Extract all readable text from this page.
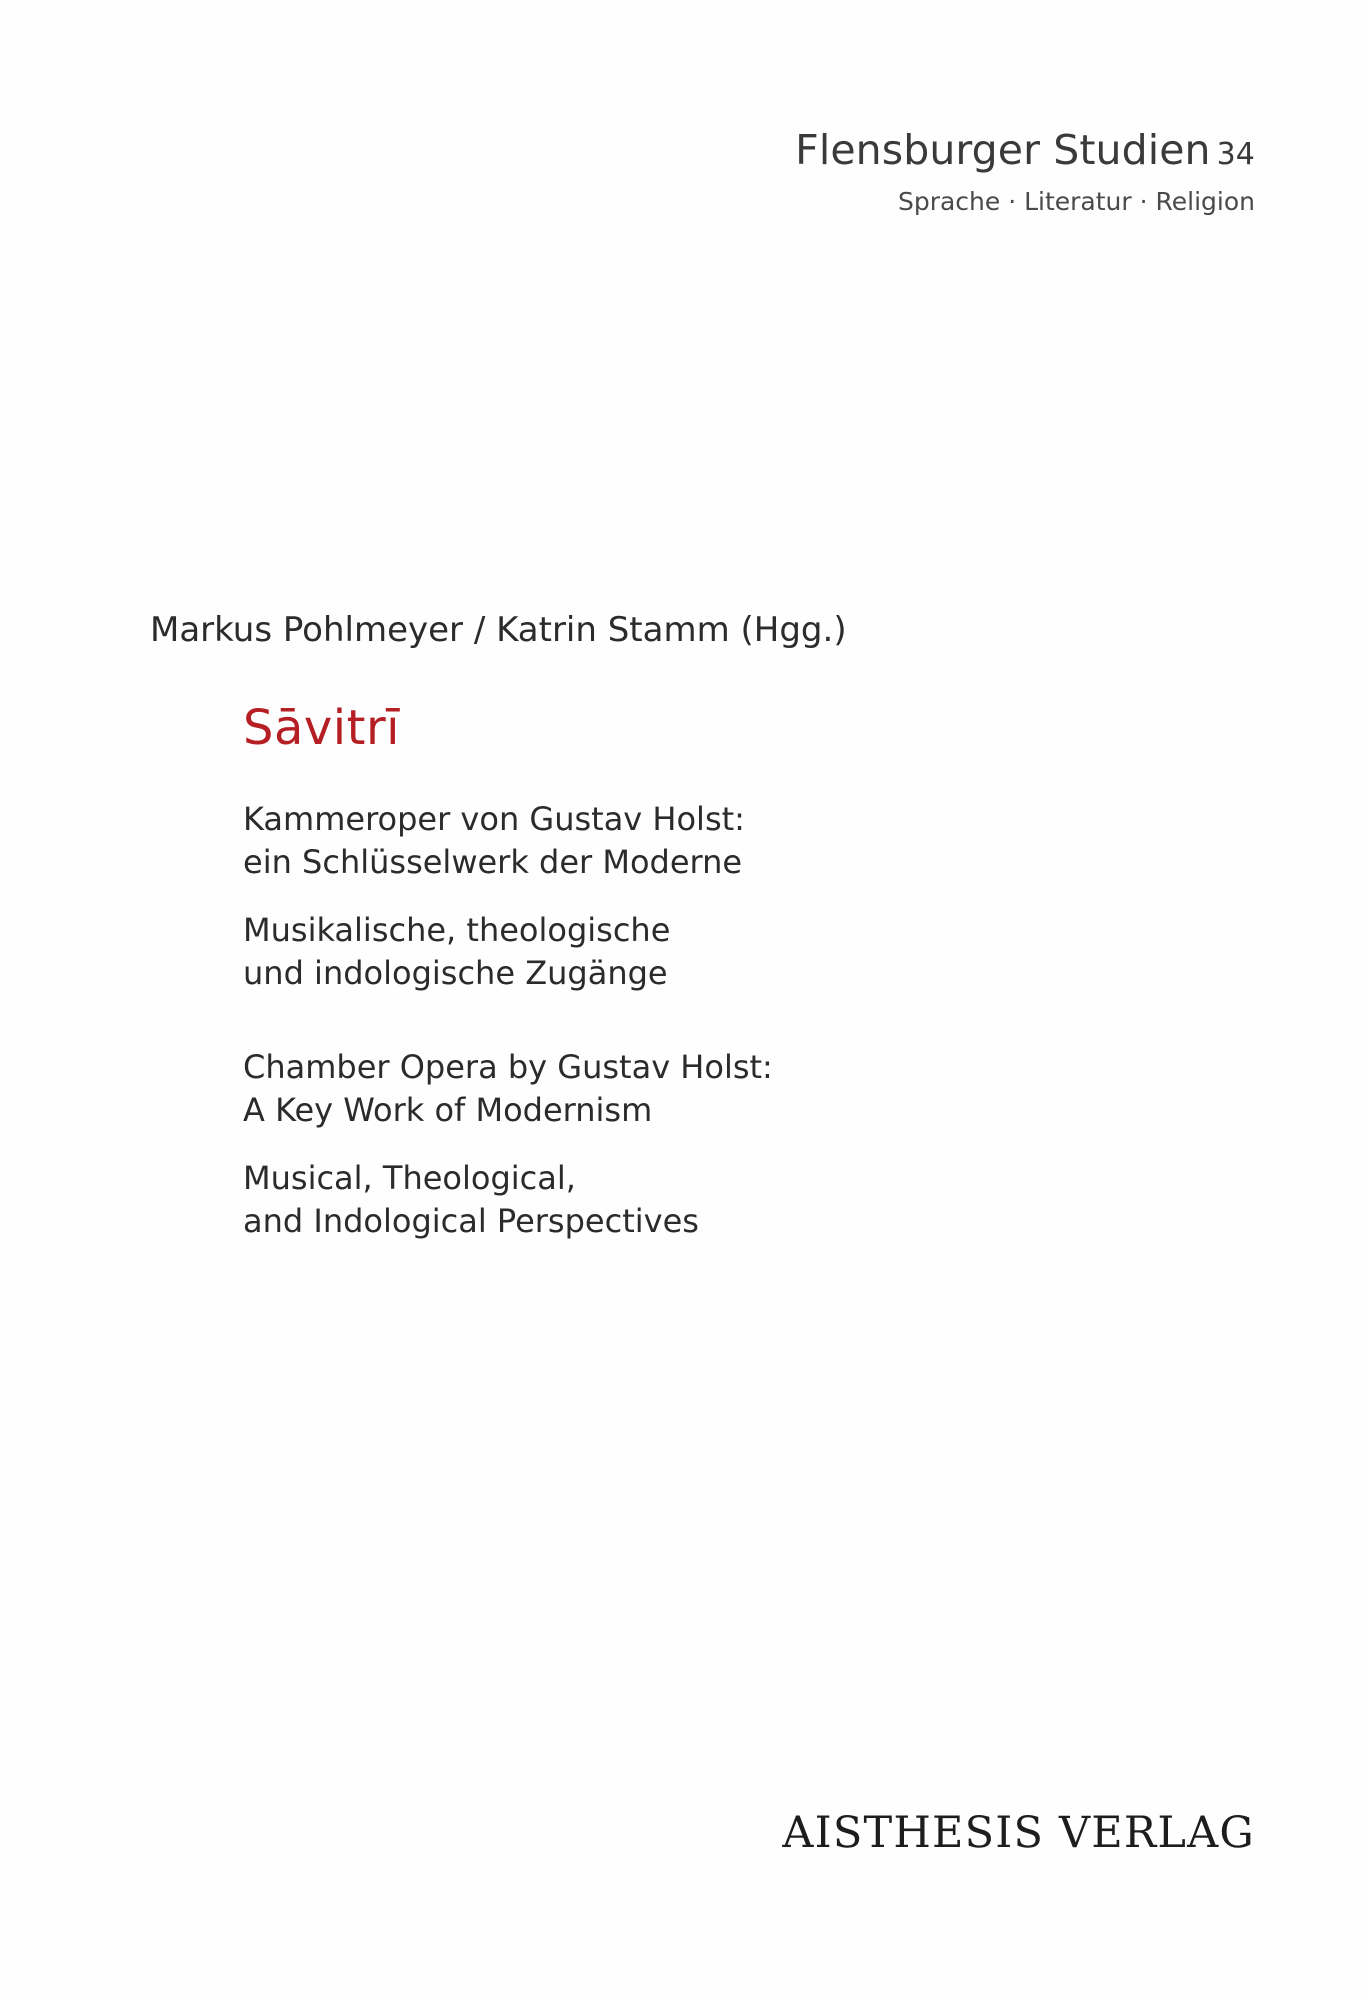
Flensburger Studien 34
Sprache · Literatur · Religion
Markus Pohlmeyer / Katrin Stamm (Hgg.)
Sāvitrī
Kammeroper von Gustav Holst:
ein Schlüsselwerk der Moderne
Musikalische, theologische
und indologische Zugänge
Chamber Opera by Gustav Holst:
A Key Work of Modernism
Musical, Theological,
and Indological Perspectives
AISTHESIS VERLAG
